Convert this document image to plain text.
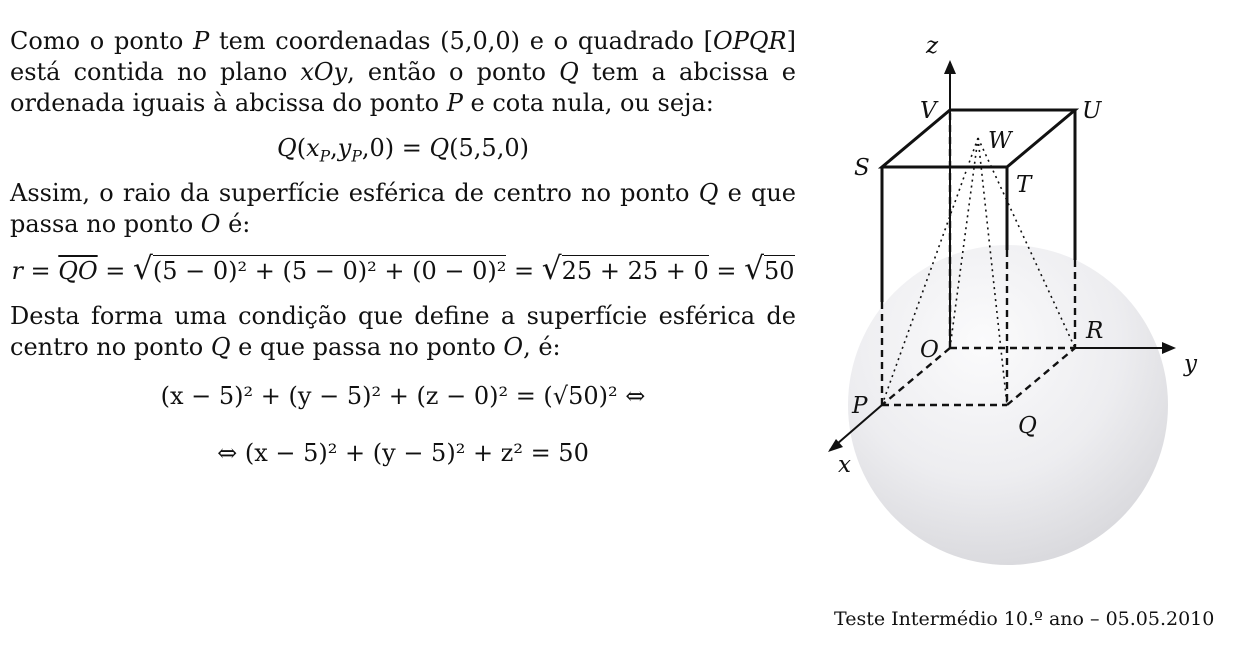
Como o ponto P tem coordenadas (5,0,0) e o quadrado [OPQR] está contida no plano xOy, então o ponto Q tem a abcissa e ordenada iguais à abcissa do ponto P e cota nula, ou seja:

$Q(x_P,y_P,0) = Q(5,5,0)$

Assim, o raio da superfície esférica de centro no ponto Q e que passa no ponto O é:

$r = \overline{QO} = √(5 - 0)^2 + (5 - 0)^2 + (0 - 0)^2 = √25 + 25 + 0 = √50$

Desta forma uma condição que define a superfície esférica de centro no ponto Q e que passa no ponto O, é:

(x − 5)² + (y − 5)² + (z − 0)² = (√50)² ⇔
⇔ (x − 5)² + (y − 5)² + z² = 50
z
y
x
V	U
W
S
T
R
O
P
Q
Teste Intermédio 10.º ano – 05.05.2010
